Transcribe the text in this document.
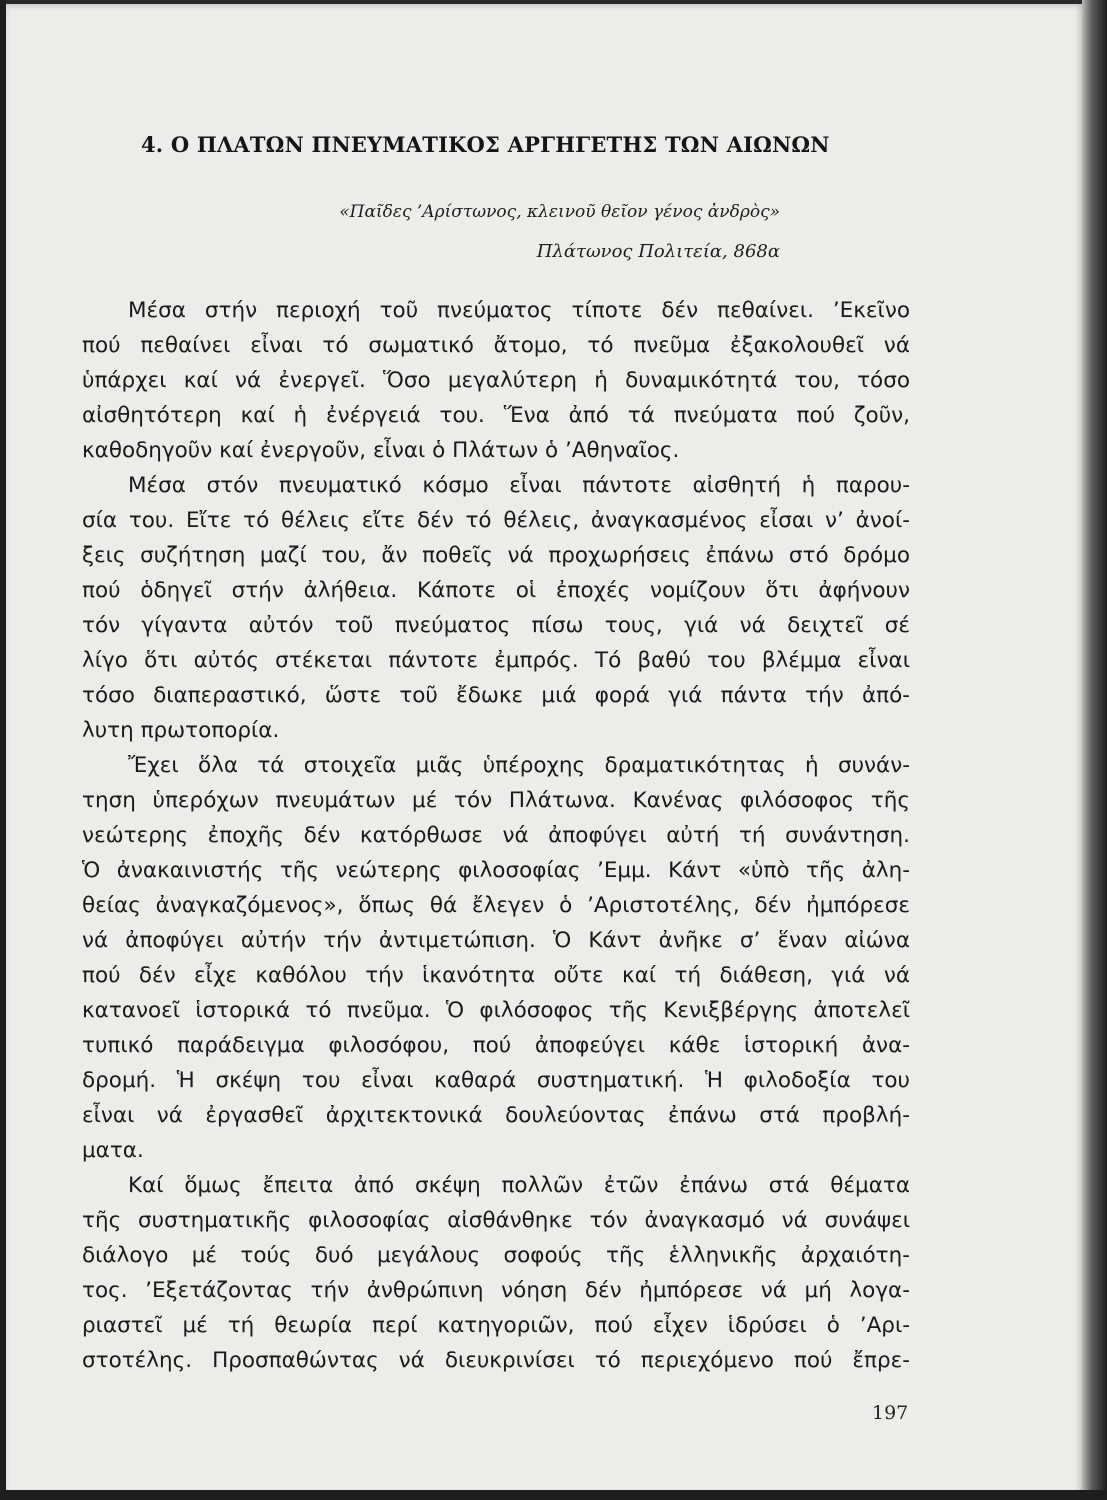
4. Ο ΠΛΑΤΩΝ ΠΝΕΥΜΑΤΙΚΟΣ ΑΡΓΗΓΕΤΗΣ ΤΩΝ ΑΙΩΝΩΝ
«Παῖδες ’Αρίστωνος, κλεινοῦ θεῖον γένος ἀνδρὸς»
Πλάτωνος Πολιτεία, 868α
Μέσα στήν περιοχή τοῦ πνεύματος τίποτε δέν πεθαίνει. ’Εκεῖνο
πού πεθαίνει εἶναι τό σωματικό ἄτομο, τό πνεῦμα ἐξακολουθεῖ νά
ὑπάρχει καί νά ἐνεργεῖ. Ὅσο μεγαλύτερη ἡ δυναμικότητά του, τόσο
αἰσθητότερη καί ἡ ἐνέργειά του. Ἕνα ἀπό τά πνεύματα πού ζοῦν,
καθοδηγοῦν καί ἐνεργοῦν, εἶναι ὁ Πλάτων ὁ ’Αθηναῖος.
Μέσα στόν πνευματικό κόσμο εἶναι πάντοτε αἰσθητή ἡ παρου-
σία του. Εἴτε τό θέλεις εἴτε δέν τό θέλεις, ἀναγκασμένος εἶσαι ν’ ἀνοί-
ξεις συζήτηση μαζί του, ἄν ποθεῖς νά προχωρήσεις ἐπάνω στό δρόμο
πού ὁδηγεῖ στήν ἀλήθεια. Κάποτε οἱ ἐποχές νομίζουν ὅτι ἀφήνουν
τόν γίγαντα αὐτόν τοῦ πνεύματος πίσω τους, γιά νά δειχτεῖ σέ
λίγο ὅτι αὐτός στέκεται πάντοτε ἐμπρός. Τό βαθύ του βλέμμα εἶναι
τόσο διαπεραστικό, ὥστε τοῦ ἔδωκε μιά φορά γιά πάντα τήν ἀπό-
λυτη πρωτοπορία.
Ἔχει ὅλα τά στοιχεῖα μιᾶς ὑπέροχης δραματικότητας ἡ συνάν-
τηση ὑπερόχων πνευμάτων μέ τόν Πλάτωνα. Κανένας φιλόσοφος τῆς
νεώτερης ἐποχῆς δέν κατόρθωσε νά ἀποφύγει αὐτή τή συνάντηση.
Ὁ ἀνακαινιστής τῆς νεώτερης φιλοσοφίας ’Εμμ. Κάντ «ὑπὸ τῆς ἀλη-
θείας ἀναγκαζόμενος», ὅπως θά ἔλεγεν ὁ ’Αριστοτέλης, δέν ἠμπόρεσε
νά ἀποφύγει αὐτήν τήν ἀντιμετώπιση. Ὁ Κάντ ἀνῆκε σ’ ἕναν αἰώνα
πού δέν εἶχε καθόλου τήν ἱκανότητα οὔτε καί τή διάθεση, γιά νά
κατανοεῖ ἱστορικά τό πνεῦμα. Ὁ φιλόσοφος τῆς Κενιξβέργης ἀποτελεῖ
τυπικό παράδειγμα φιλοσόφου, πού ἀποφεύγει κάθε ἱστορική ἀνα-
δρομή. Ἡ σκέψη του εἶναι καθαρά συστηματική. Ἡ φιλοδοξία του
εἶναι νά ἐργασθεῖ ἀρχιτεκτονικά δουλεύοντας ἐπάνω στά προβλή-
ματα.
Καί ὅμως ἔπειτα ἀπό σκέψη πολλῶν ἐτῶν ἐπάνω στά θέματα
τῆς συστηματικῆς φιλοσοφίας αἰσθάνθηκε τόν ἀναγκασμό νά συνάψει
διάλογο μέ τούς δυό μεγάλους σοφούς τῆς ἑλληνικῆς ἀρχαιότη-
τος. ’Εξετάζοντας τήν ἀνθρώπινη νόηση δέν ἠμπόρεσε νά μή λογα-
ριαστεῖ μέ τή θεωρία περί κατηγοριῶν, πού εἶχεν ἱδρύσει ὁ ’Αρι-
στοτέλης. Προσπαθώντας νά διευκρινίσει τό περιεχόμενο πού ἔπρε-
197
